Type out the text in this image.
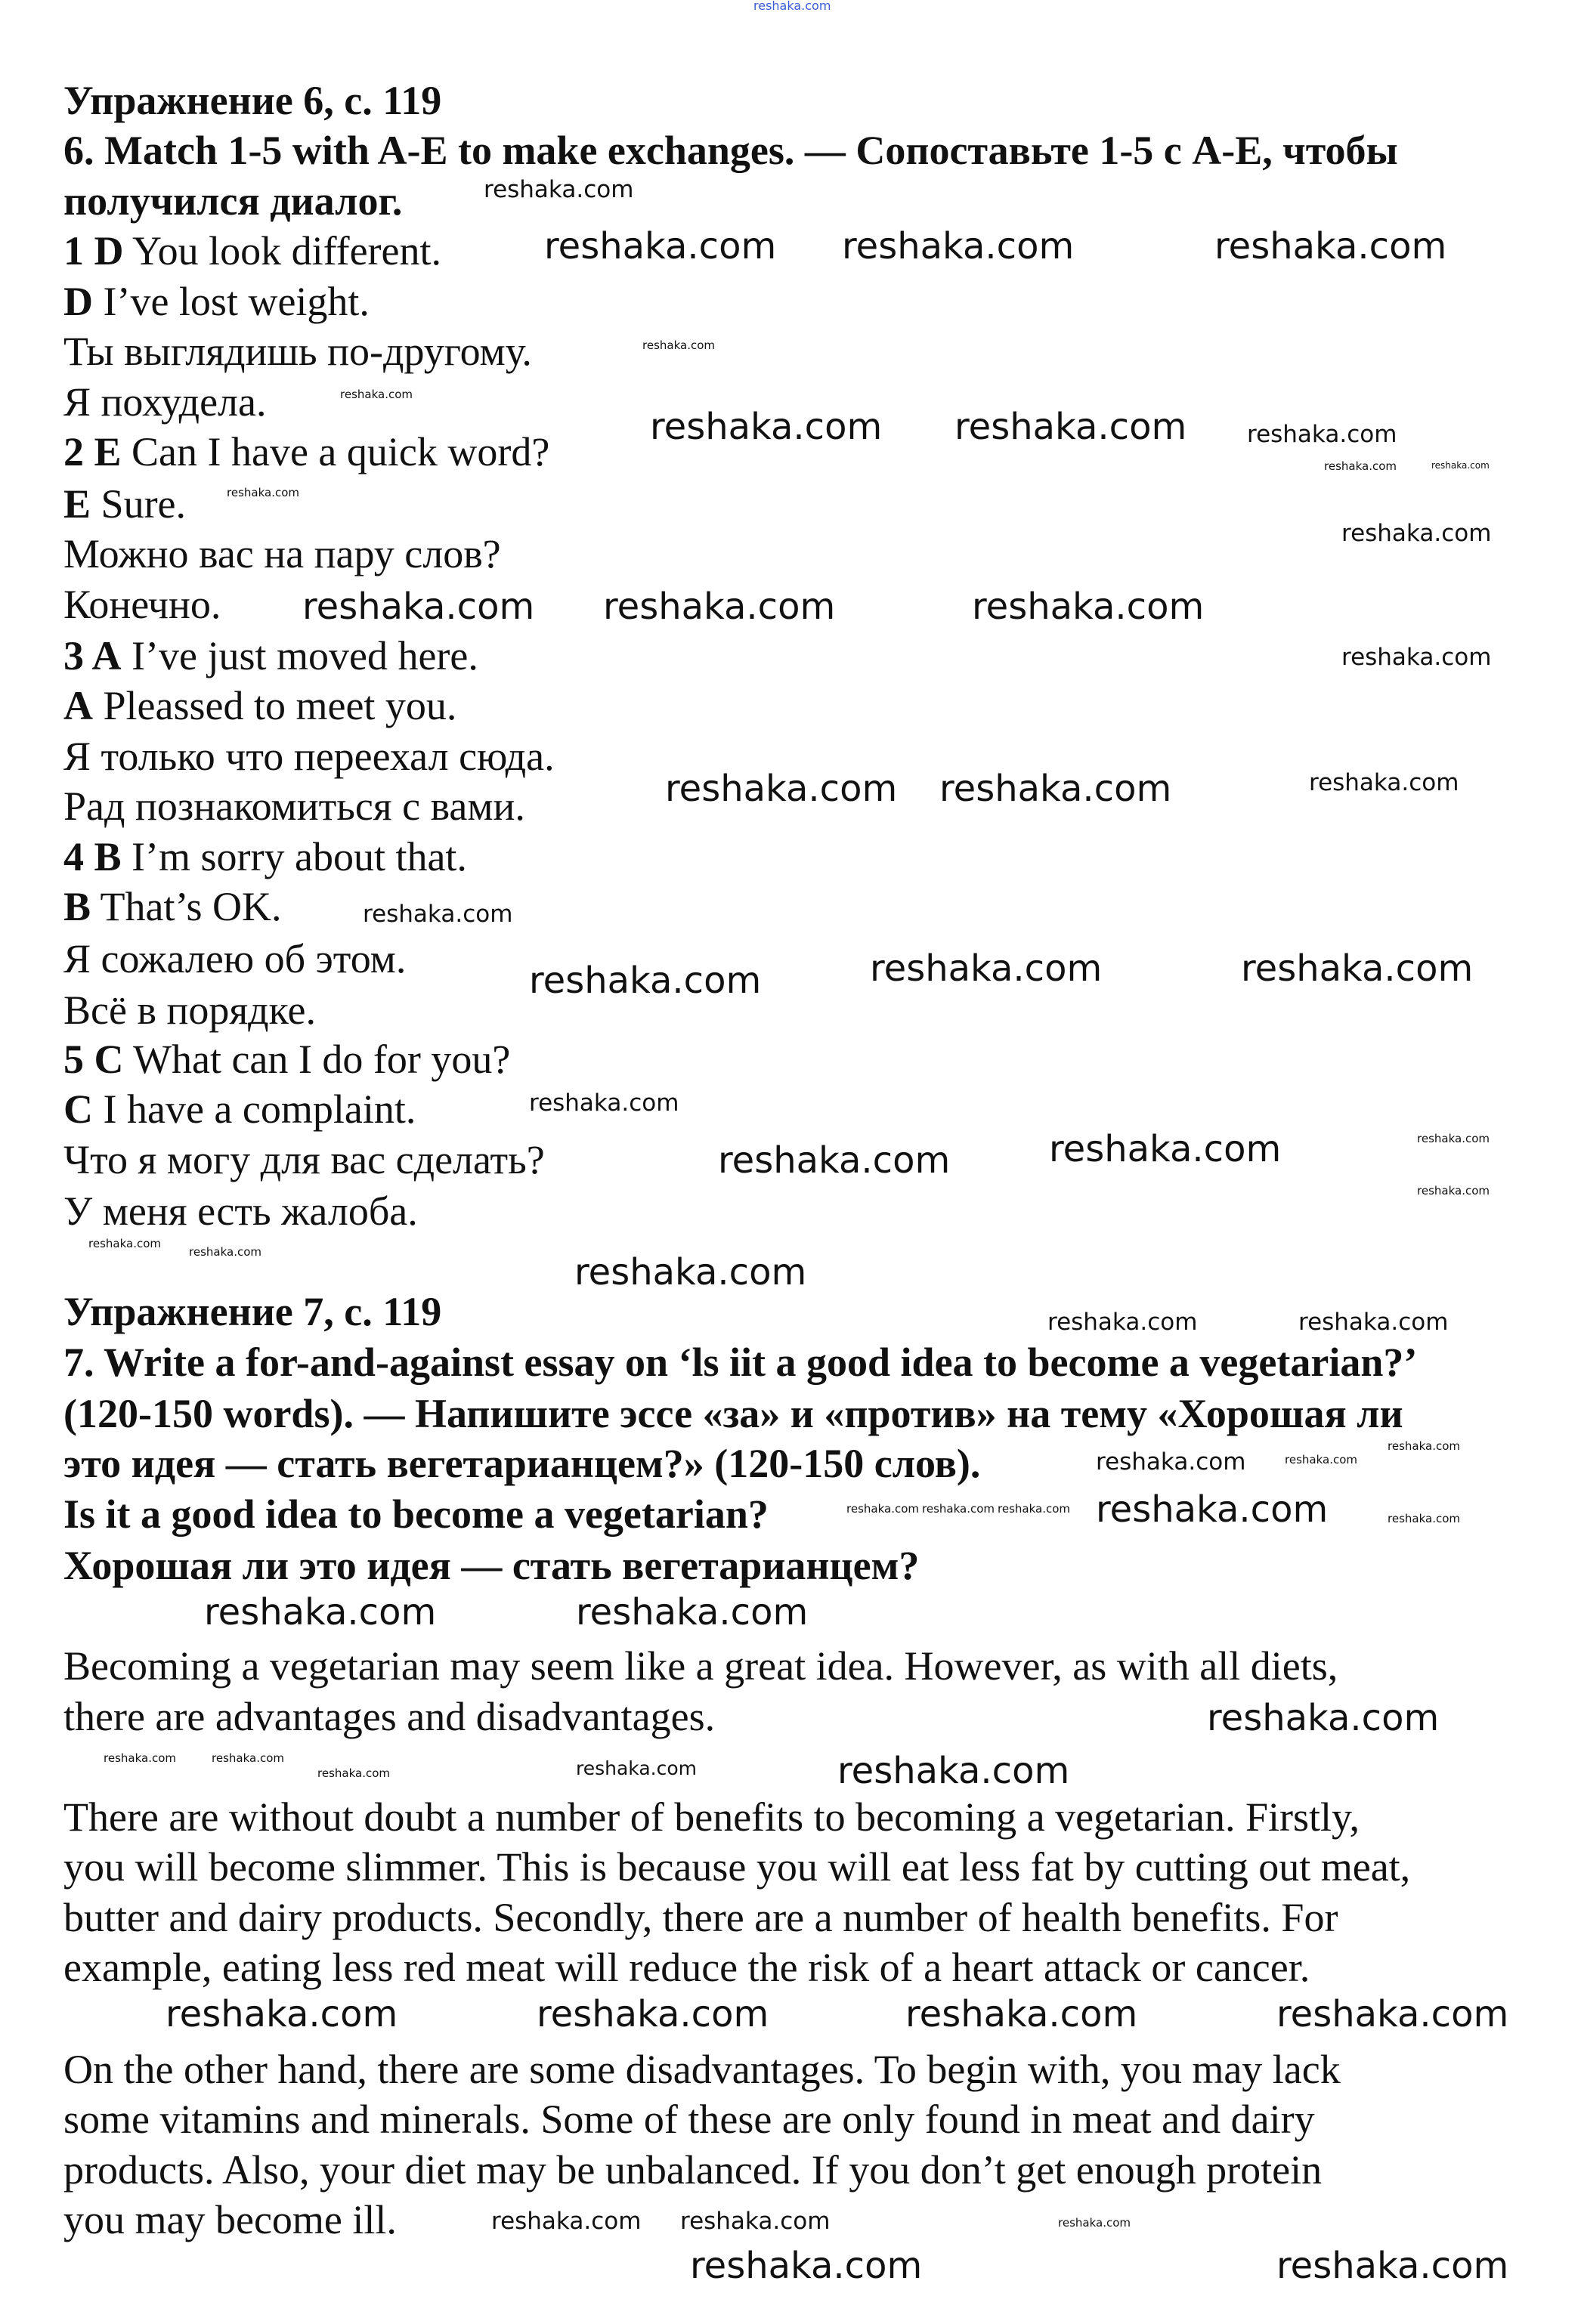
Упражнение 6, с. 119
6. Match 1-5 with A-E to make exchanges. — Сопоставьте 1-5 с A-E, чтобы
получился диалог.
1 D You look different.
D I’ve lost weight.
Ты выглядишь по-другому.
Я похудела.
2 E Can I have a quick word?
E Sure.
Можно вас на пару слов?
Конечно.
3 A I’ve just moved here.
A Pleassed to meet you.
Я только что переехал сюда.
Рад познакомиться с вами.
4 B I’m sorry about that.
B That’s OK.
Я сожалею об этом.
Всё в порядке.
5 C What can I do for you?
C I have a complaint.
Что я могу для вас сделать?
У меня есть жалоба.
Упражнение 7, с. 119
7. Write a for-and-against essay on ‘ls iit a good idea to become a vegetarian?’
(120-150 words). — Напишите эссе «за» и «против» на тему «Хорошая ли
это идея — стать вегетарианцем?» (120-150 слов).
Is it a good idea to become a vegetarian?
Хорошая ли это идея — стать вегетарианцем?
Becoming a vegetarian may seem like a great idea. However, as with all diets,
there are advantages and disadvantages.
There are without doubt a number of benefits to becoming a vegetarian. Firstly,
you will become slimmer. This is because you will eat less fat by cutting out meat,
butter and dairy products. Secondly, there are a number of health benefits. For
example, eating less red meat will reduce the risk of a heart attack or cancer.
On the other hand, there are some disadvantages. To begin with, you may lack
some vitamins and minerals. Some of these are only found in meat and dairy
products. Also, your diet may be unbalanced. If you don’t get enough protein
you may become ill.
reshaka.com
reshaka.com reshaka.com	reshaka.com
reshaka.com reshaka.com
reshaka.com reshaka.com	reshaka.com
reshaka.com reshaka.com
reshaka.com	reshaka.com	reshaka.com
reshaka.com	reshaka.com
reshaka.com
reshaka.com
reshaka.com
reshaka.com
reshaka.com
reshaka.com
reshaka.com	reshaka.com	reshaka.com	reshaka.com
reshaka.com	reshaka.com
reshaka.com
reshaka.com
reshaka.com
reshaka.com
reshaka.com
reshaka.com
reshaka.com
reshaka.com	reshaka.com
reshaka.com
reshaka.com
reshaka.com reshaka.com
reshaka.com
reshaka.com
reshaka.com
reshaka.com	reshaka.com
reshaka.com
reshaka.com
reshaka.com
reshaka.com
reshaka.com
reshaka.com reshaka.com reshaka.com
reshaka.com
reshaka.com
reshaka.com	reshaka.com
reshaka.com
reshaka.com
